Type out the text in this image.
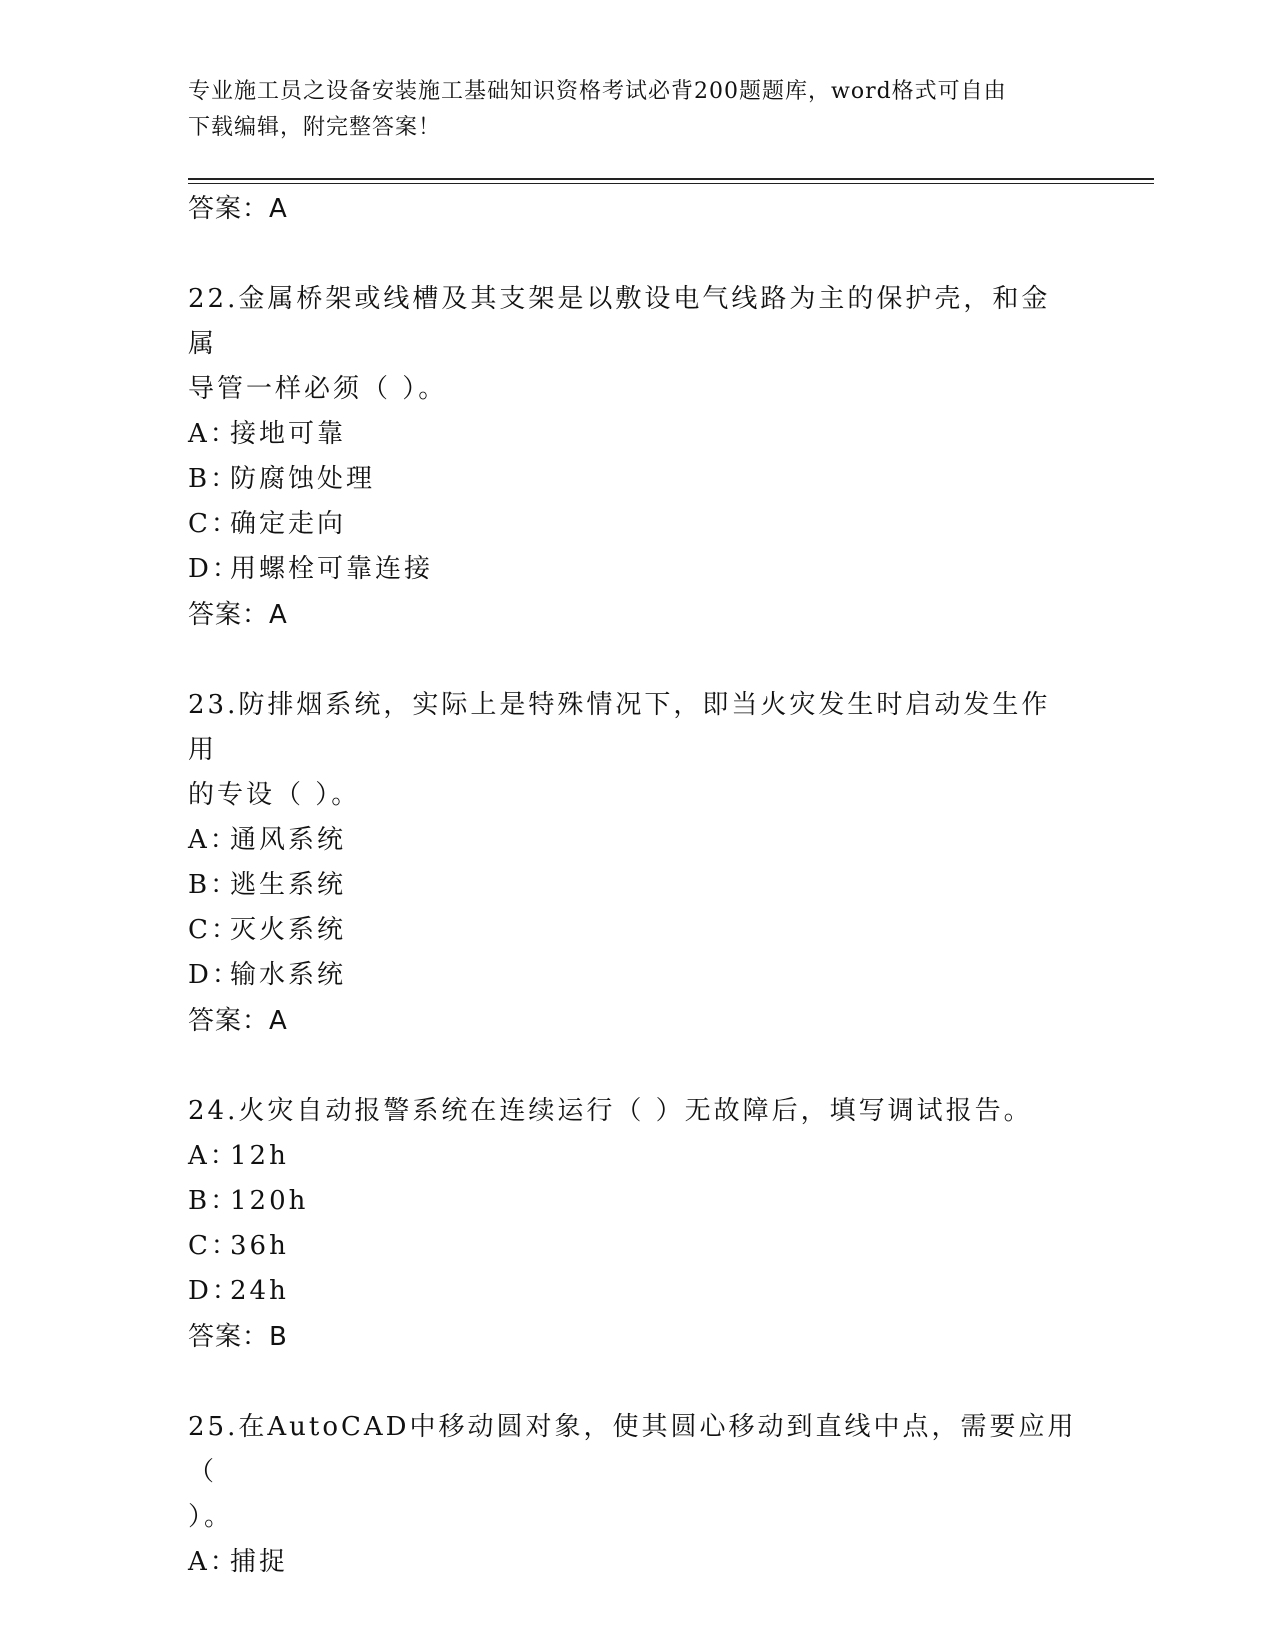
专业施工员之设备安装施工基础知识资格考试必背200题题库，word格式可自由
下载编辑，附完整答案！
答案：A
22.金属桥架或线槽及其支架是以敷设电气线路为主的保护壳，和金属
导管一样必须（ ）。
A：接地可靠
B：防腐蚀处理
C：确定走向
D：用螺栓可靠连接
答案：A
23.防排烟系统，实际上是特殊情况下，即当火灾发生时启动发生作用
的专设（ ）。
A：通风系统
B：逃生系统
C：灭火系统
D：输水系统
答案：A
24.火灾自动报警系统在连续运行（ ）无故障后，填写调试报告。
A：12h
B：120h
C：36h
D：24h
答案：B
25.在AutoCAD中移动圆对象，使其圆心移动到直线中点，需要应用（
）。
A：捕捉
